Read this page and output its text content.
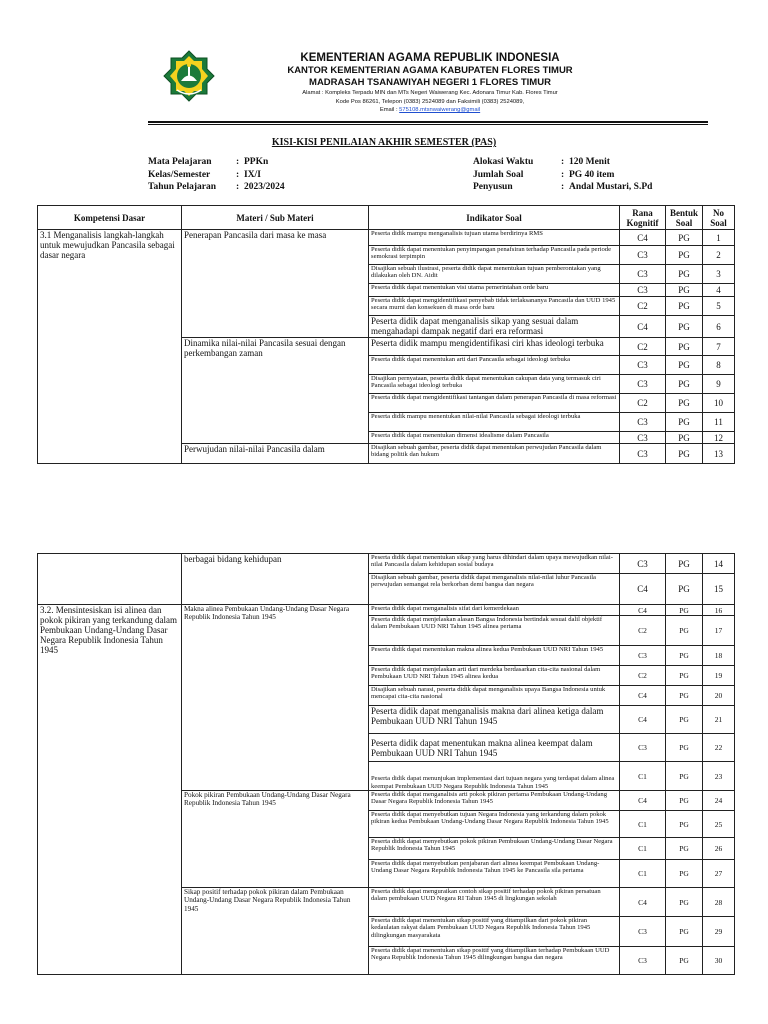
KEMENTERIAN AGAMA REPUBLIK INDONESIA
KANTOR KEMENTERIAN AGAMA KABUPATEN FLORES TIMUR
MADRASAH TSANAWIYAH NEGERI 1 FLORES TIMUR
Alamat : Kompleks Terpadu MIN dan MTs Negeri Waiwerang Kec. Adonara Timur Kab. Flores Timur
Kode Pos 86261, Telepon (0383) 2524089 dan Faksimili (0383) 2524089,
Email : 575108.mtsnwaiwerang@gmail
KISI-KISI PENILAIAN AKHIR SEMESTER (PAS)
Mata Pelajaran	: PPKn
Kelas/Semester	: IX/I
Tahun Pelajaran	: 2023/2024
Alokasi Waktu	: 120 Menit
Jumlah Soal	: PG 40 item
Penyusun	: Andal Mustari, S.Pd
Kompetensi Dasar	Materi / Sub Materi	Indikator Soal	Rana Kognitif	Bentuk Soal	No Soal
3.1 Menganalisis langkah-langkah untuk mewujudkan Pancasila sebagai dasar negara	Penerapan Pancasila dari masa ke masa	Peserta didik mampu menganalisis tujuan utama berdirinya RMS	C4	PG	1
		Peserta didik dapat menentukan penyimpangan penafsiran terhadap Pancasila pada periode semokrasi terpimpin	C3	PG	2
		Disajikan sebuah ilustrasi, peserta didik dapat menentukan tujuan pemberontakan yang dilakukan oleh DN. Aidit	C3	PG	3
		Peserta didik dapat menentukan visi utama pemerintahan orde baru	C3	PG	4
		Peserta didik dapat mengidentifikasi penyebab tidak terlaksananya Pancasila dan UUD 1945 secara murni dan konsekuen di masa orde baru	C2	PG	5
		Peserta didik dapat menganalisis sikap yang sesuai dalam mengahadapi dampak negatif dari era reformasi	C4	PG	6
	Dinamika nilai-nilai Pancasila sesuai dengan perkembangan zaman	Peserta didik mampu mengidentifikasi ciri khas ideologi terbuka	C2	PG	7
		Peserta didik dapat menentukan arti dari Pancasila sebagai ideologi terbuka	C3	PG	8
		Disajikan pernyataan, peserta didik dapat menentukan cakupan data yang termasuk ciri Pancasila sebagai ideologi terbuka	C3	PG	9
		Peserta didik dapat mengidentifikasi tantangan dalam penerapan Pancasila di masa reformasi	C2	PG	10
		Peserta didik mampu menentukan nilai-nilai Pancasila sebagai ideologi terbuka	C3	PG	11
		Peserta didik dapat menentukan dimensi idealisme dalam Pancasila	C3	PG	12
	Perwujudan nilai-nilai Pancasila dalam	Disajikan sebuah gambar, peserta didik dapat menentukan perwujudan Pancasila dalam bidang politik dan hukum	C3	PG	13
	berbagai bidang kehidupan	Peserta didik dapat menentukan sikap yang harus dihindari dalam upaya mewujudkan nilai-nilai Pancasila dalam kehidupan sosial budaya	C3	PG	14
		Disajikan sebuah gambar, peserta didik dapat menganalisis nilai-nilai luhur Pancasila perwujudan semangat rela berkorban demi bangsa dan negara	C4	PG	15
3.2. Mensintesiskan isi alinea dan pokok pikiran yang terkandung dalam Pembukaan Undang-Undang Dasar Negara Republik Indonesia Tahun 1945	Makna alinea Pembukaan Undang-Undang Dasar Negara Republik Indonesia Tahun 1945	Peserta didik dapat menganalisis sifat dari kemerdekaan	C4	PG	16
		Peserta didik dapat menjelaskan alasan Bangsa Indonesia bertindak sesuai dalil objektif dalam Pembukaan UUD NRI Tahun 1945 alinea pertama	C2	PG	17
		Peserta didik dapat menentukan makna alinea kedua Pembukaan UUD NRI Tahun 1945	C3	PG	18
		Peserta didik dapat menjelaskan arti dari merdeka berdasarkan cita-cita nasional dalam Pembukaan UUD NRI Tahun 1945 alinea kedua	C2	PG	19
		Disajikan sebuah narasi, peserta didik dapat menganalisis upaya Bangsa Indonesia untuk mencapai cita-cita nasional	C4	PG	20
		Peserta didik dapat menganalisis makna dari alinea ketiga dalam Pembukaan UUD NRI Tahun 1945	C4	PG	21
		Peserta didik dapat menentukan makna alinea keempat dalam Pembukaan UUD NRI Tahun 1945	C3	PG	22
		Peserta didik dapat menunjukan implementasi dari tujuan negara yang terdapat dalam alinea keempat Pembukaan UUD Negara Republik Indonesia Tahun 1945	C1	PG	23
	Pokok pikiran Pembukaan Undang-Undang Dasar Negara Republik Indonesia Tahun 1945	Peserta didik dapat menganalisis arti pokok pikiran pertama Pembukaan Undang-Undang Dasar Negara Republik Indonesia Tahun 1945	C4	PG	24
		Peserta didik dapat menyebutkan tujuan Negara Indonesia yang terkandung dalam pokok pikiran kedua Pembukaan Undang-Undang Dasar Negara Republik Indonesia Tahun 1945	C1	PG	25
		Peserta didik dapat menyebutkan pokok pikiran Pembukaan Undang-Undang Dasar Negara Republik Indonesia Tahun 1945	C1	PG	26
		Peserta didik dapat menyebutkan penjabaran dari alinea keempat Pembukaan Undang-Undang Dasar Negara Republik Indonesia Tahun 1945 ke Pancasila sila pertama	C1	PG	27
	Sikap positif terhadap pokok pikiran dalam Pembukaan Undang-Undang Dasar Negara Republik Indonesia Tahun 1945	Peserta didik dapat menguraikan contoh sikap positif terhadap pokok pikiran persatuan dalam pembukaan UUD Negara RI Tahun 1945 di lingkungan sekolah	C4	PG	28
		Peserta didik dapat menentukan sikap positif yang ditampilkan dari pokok pikiran kedaulatan rakyat dalam Pembukaan UUD Negara Republik Indonesia Tahun 1945 dilingkungan masyarakata	C3	PG	29
		Peserta didik dapat menentukan sikap positif yang ditampilkan terhadap Pembukaan UUD Negara Republik Indonesia Tahun 1945 dilingkungan bangsa dan negara	C3	PG	30
